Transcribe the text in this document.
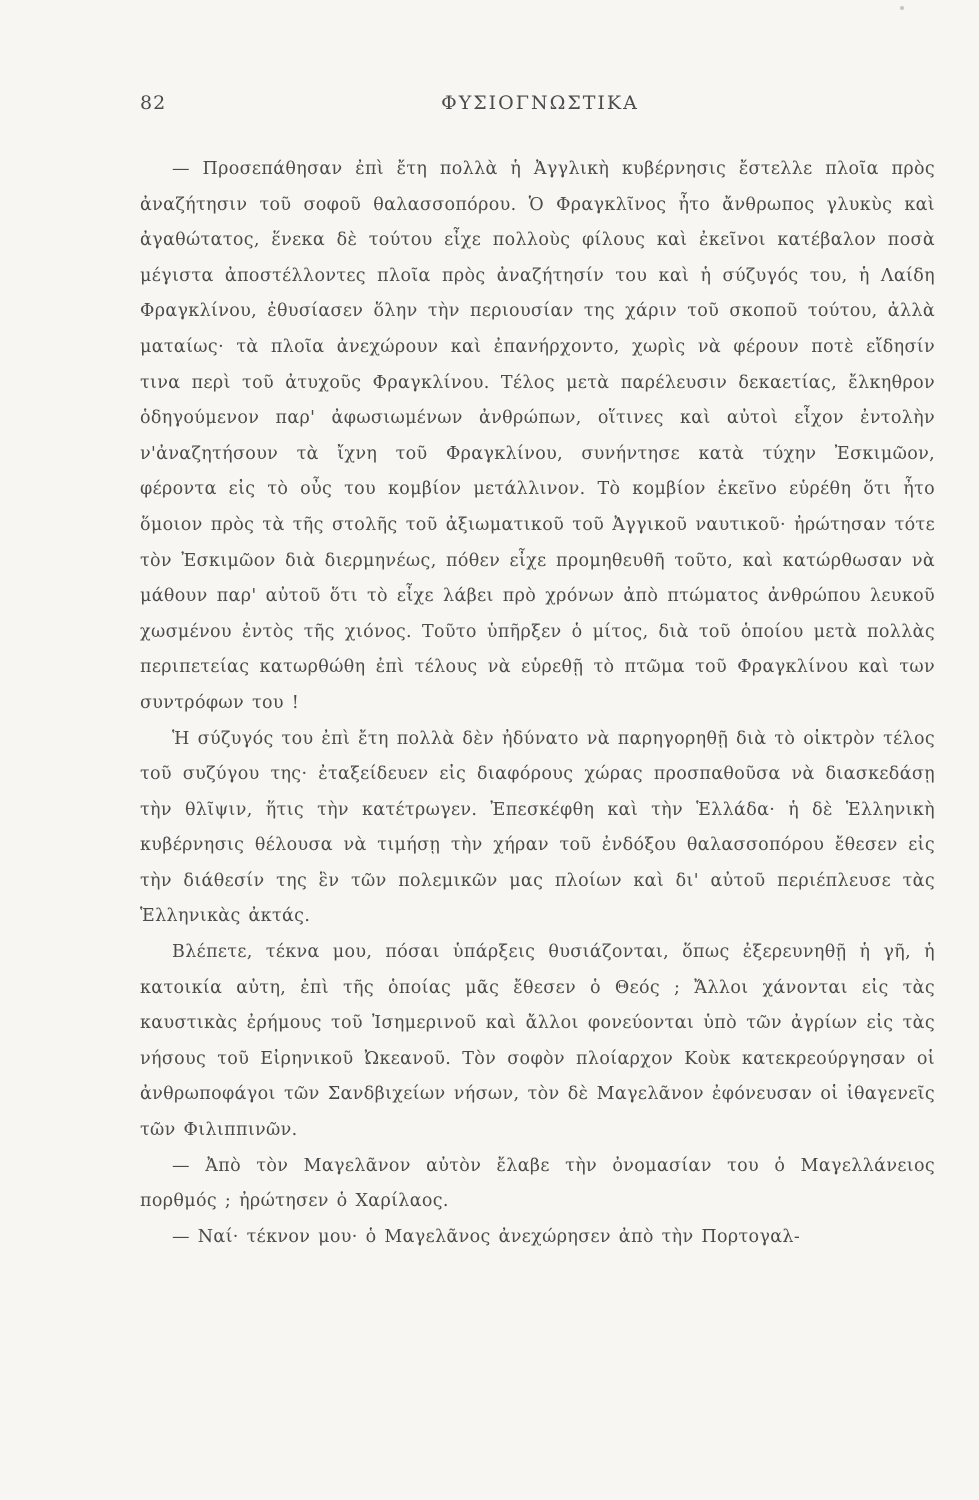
82	ΦΥΣΙΟΓΝΩΣΤΙΚΑ

— Προσεπάθησαν ἐπὶ ἔτη πολλὰ ἡ Ἀγγλικὴ κυβέρνησις ἔστελλε πλοῖα πρὸς ἀναζήτησιν τοῦ σοφοῦ θαλασσοπόρου. Ὁ Φραγκλῖνος ἦτο ἄνθρωπος γλυκὺς καὶ ἀγαθώτατος, ἕνεκα δὲ τούτου εἶχε πολλοὺς φίλους καὶ ἐκεῖνοι κατέβαλον ποσὰ μέγιστα ἀποστέλλοντες πλοῖα πρὸς ἀναζήτησίν του καὶ ἡ σύζυγός του, ἡ Λαίδη Φραγκλίνου, ἐθυσίασεν ὅλην τὴν περιουσίαν της χάριν τοῦ σκοποῦ τούτου, ἀλλὰ ματαίως· τὰ πλοῖα ἀνεχώρουν καὶ ἐπανήρχοντο, χωρὶς νὰ φέρουν ποτὲ εἴδησίν τινα περὶ τοῦ ἀτυχοῦς Φραγκλίνου. Τέλος μετὰ παρέλευσιν δεκαετίας, ἔλκηθρον ὁδηγούμενον παρ' ἀφωσιωμένων ἀνθρώπων, οἵτινες καὶ αὐτοὶ εἶχον ἐντολὴν ν'ἀναζητήσουν τὰ ἴχνη τοῦ Φραγκλίνου, συνήντησε κατὰ τύχην Ἐσκιμῶον, φέροντα εἰς τὸ οὖς του κομβίον μετάλλινον. Τὸ κομβίον ἐκεῖνο εὑρέθη ὅτι ἦτο ὅμοιον πρὸς τὰ τῆς στολῆς τοῦ ἀξιωματικοῦ τοῦ Ἀγγικοῦ ναυτικοῦ· ἠρώτησαν τότε τὸν Ἐσκιμῶον διὰ διερμηνέως, πόθεν εἶχε προμηθευθῆ τοῦτο, καὶ κατώρθωσαν νὰ μάθουν παρ' αὐτοῦ ὅτι τὸ εἶχε λάβει πρὸ χρόνων ἀπὸ πτώματος ἀνθρώπου λευκοῦ χωσμένου ἐντὸς τῆς χιόνος. Τοῦτο ὑπῆρξεν ὁ μίτος, διὰ τοῦ ὁποίου μετὰ πολλὰς περιπετείας κατωρθώθη ἐπὶ τέλους νὰ εὑρεθῇ τὸ πτῶμα τοῦ Φραγκλίνου καὶ των συντρόφων του !

Ἡ σύζυγός του ἐπὶ ἔτη πολλὰ δὲν ἠδύνατο νὰ παρηγορηθῇ διὰ τὸ οἰκτρὸν τέλος τοῦ συζύγου της· ἐταξείδευεν εἰς διαφόρους χώρας προσπαθοῦσα νὰ διασκεδάσῃ τὴν θλῖψιν, ἥτις τὴν κατέτρωγεν. Ἐπεσκέφθη καὶ τὴν Ἑλλάδα· ἡ δὲ Ἑλληνικὴ κυβέρνησις θέλουσα νὰ τιμήσῃ τὴν χήραν τοῦ ἐνδόξου θαλασσοπόρου ἔθεσεν εἰς τὴν διάθεσίν της ἓν τῶν πολεμικῶν μας πλοίων καὶ δι' αὐτοῦ περιέπλευσε τὰς Ἑλληνικὰς ἀκτάς.

Βλέπετε, τέκνα μου, πόσαι ὑπάρξεις θυσιάζονται, ὅπως ἐξερευνηθῇ ἡ γῆ, ἡ κατοικία αὐτη, ἐπὶ τῆς ὁποίας μᾶς ἔθεσεν ὁ Θεός ; Ἄλλοι χάνονται εἰς τὰς καυστικὰς ἐρήμους τοῦ Ἰσημερινοῦ καὶ ἄλλοι φονεύονται ὑπὸ τῶν ἀγρίων εἰς τὰς νήσους τοῦ Εἰρηνικοῦ Ὠκεανοῦ. Τὸν σοφὸν πλοίαρχον Κοὺκ κατεκρεούργησαν οἱ ἀνθρωποφάγοι τῶν Σανδβιχείων νήσων, τὸν δὲ Μαγελᾶνον ἐφόνευσαν οἱ ἰθαγενεῖς τῶν Φιλιππινῶν.

— Ἀπὸ τὸν Μαγελᾶνον αὐτὸν ἔλαβε τὴν ὀνομασίαν του ὁ Μαγελλάνειος πορθμός ; ἠρώτησεν ὁ Χαρίλαος.

— Ναί· τέκνον μου· ὁ Μαγελᾶνος ἀνεχώρησεν ἀπὸ τὴν Πορτογαλ-
